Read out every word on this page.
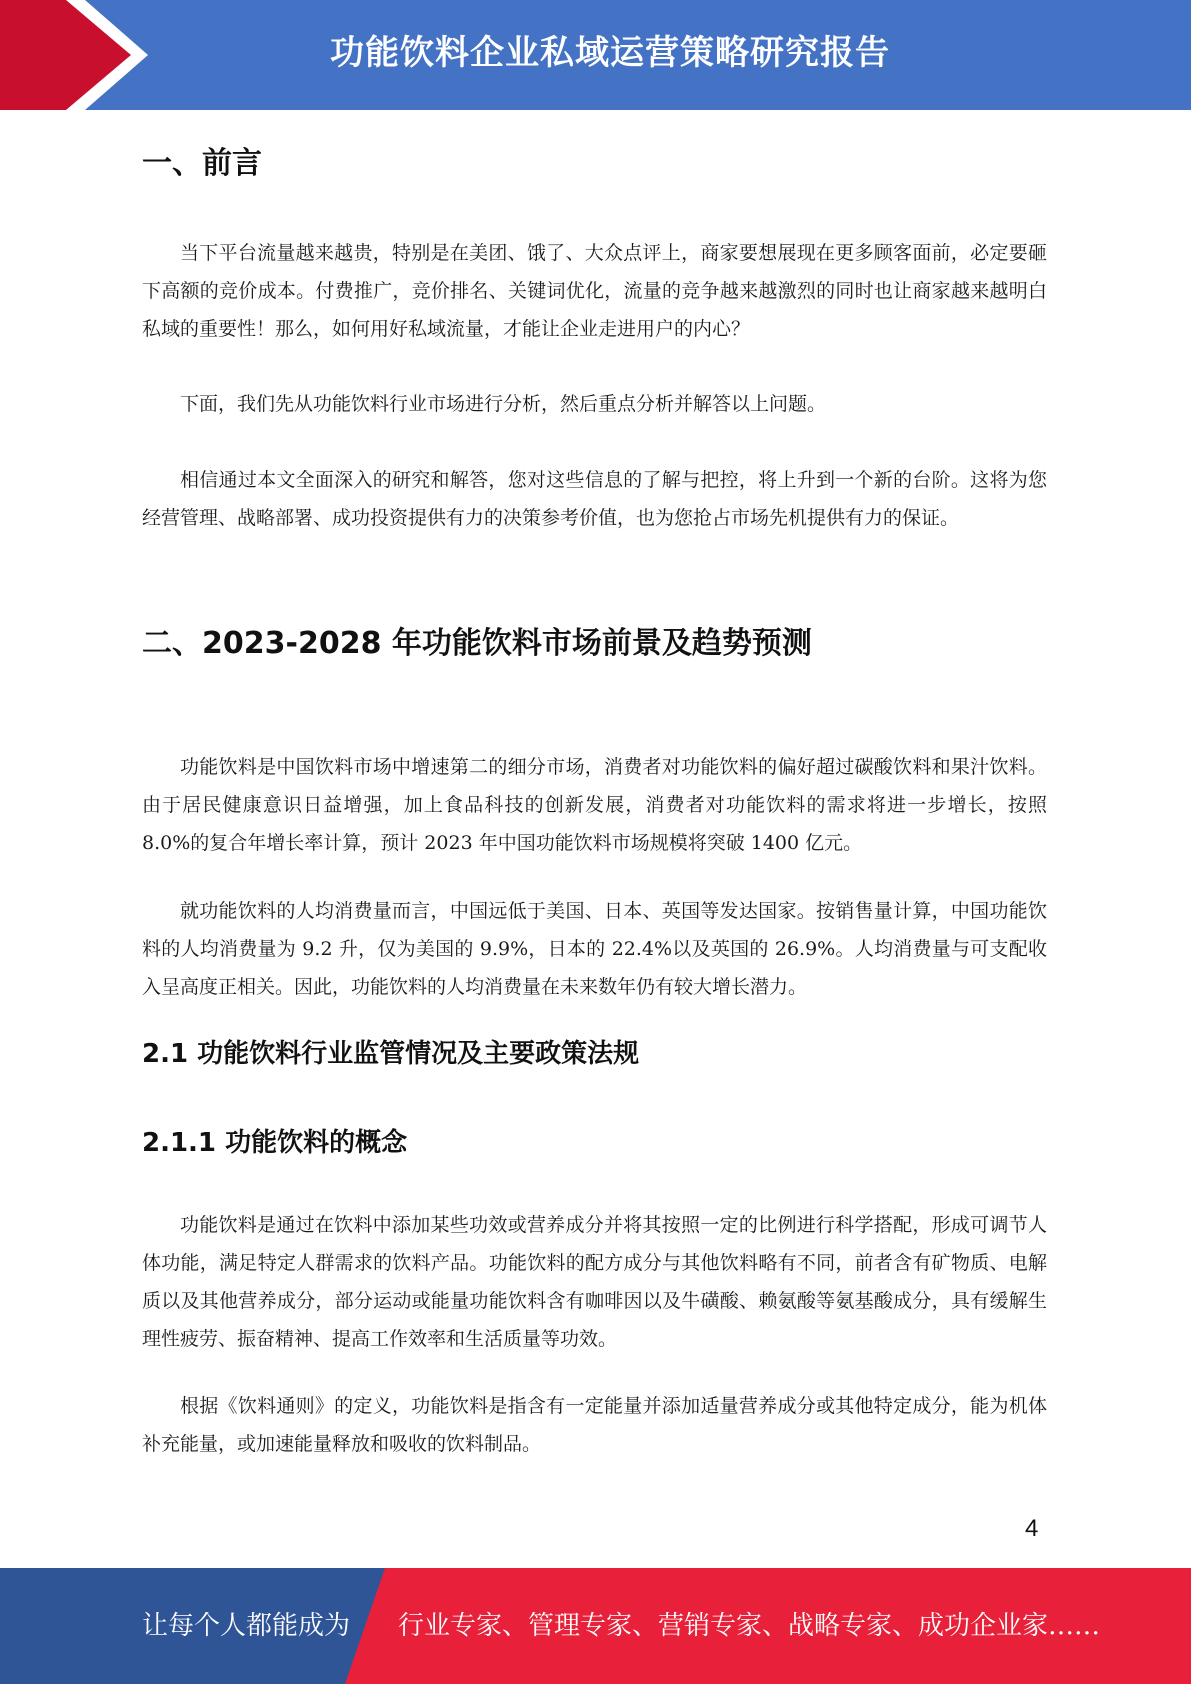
功能饮料企业私域运营策略研究报告
一、前言

当下平台流量越来越贵，特别是在美团、饿了、大众点评上，商家要想展现在更多顾客面前，必定要砸下高额的竞价成本。付费推广，竞价排名、关键词优化，流量的竞争越来越激烈的同时也让商家越来越明白私域的重要性！那么，如何用好私域流量，才能让企业走进用户的内心？

下面，我们先从功能饮料行业市场进行分析，然后重点分析并解答以上问题。

相信通过本文全面深入的研究和解答，您对这些信息的了解与把控，将上升到一个新的台阶。这将为您经营管理、战略部署、成功投资提供有力的决策参考价值，也为您抢占市场先机提供有力的保证。

二、2023-2028 年功能饮料市场前景及趋势预测

功能饮料是中国饮料市场中增速第二的细分市场，消费者对功能饮料的偏好超过碳酸饮料和果汁饮料。由于居民健康意识日益增强，加上食品科技的创新发展，消费者对功能饮料的需求将进一步增长，按照 8.0%的复合年增长率计算，预计 2023 年中国功能饮料市场规模将突破 1400 亿元。

就功能饮料的人均消费量而言，中国远低于美国、日本、英国等发达国家。按销售量计算，中国功能饮料的人均消费量为 9.2 升，仅为美国的 9.9%，日本的 22.4%以及英国的 26.9%。人均消费量与可支配收入呈高度正相关。因此，功能饮料的人均消费量在未来数年仍有较大增长潜力。

2.1 功能饮料行业监管情况及主要政策法规
2.1.1 功能饮料的概念

功能饮料是通过在饮料中添加某些功效或营养成分并将其按照一定的比例进行科学搭配，形成可调节人体功能，满足特定人群需求的饮料产品。功能饮料的配方成分与其他饮料略有不同，前者含有矿物质、电解质以及其他营养成分，部分运动或能量功能饮料含有咖啡因以及牛磺酸、赖氨酸等氨基酸成分，具有缓解生理性疲劳、振奋精神、提高工作效率和生活质量等功效。

根据《饮料通则》的定义，功能饮料是指含有一定能量并添加适量营养成分或其他特定成分，能为机体补充能量，或加速能量释放和吸收的饮料制品。

4
让每个人都能成为 行业专家、管理专家、营销专家、战略专家、成功企业家……
